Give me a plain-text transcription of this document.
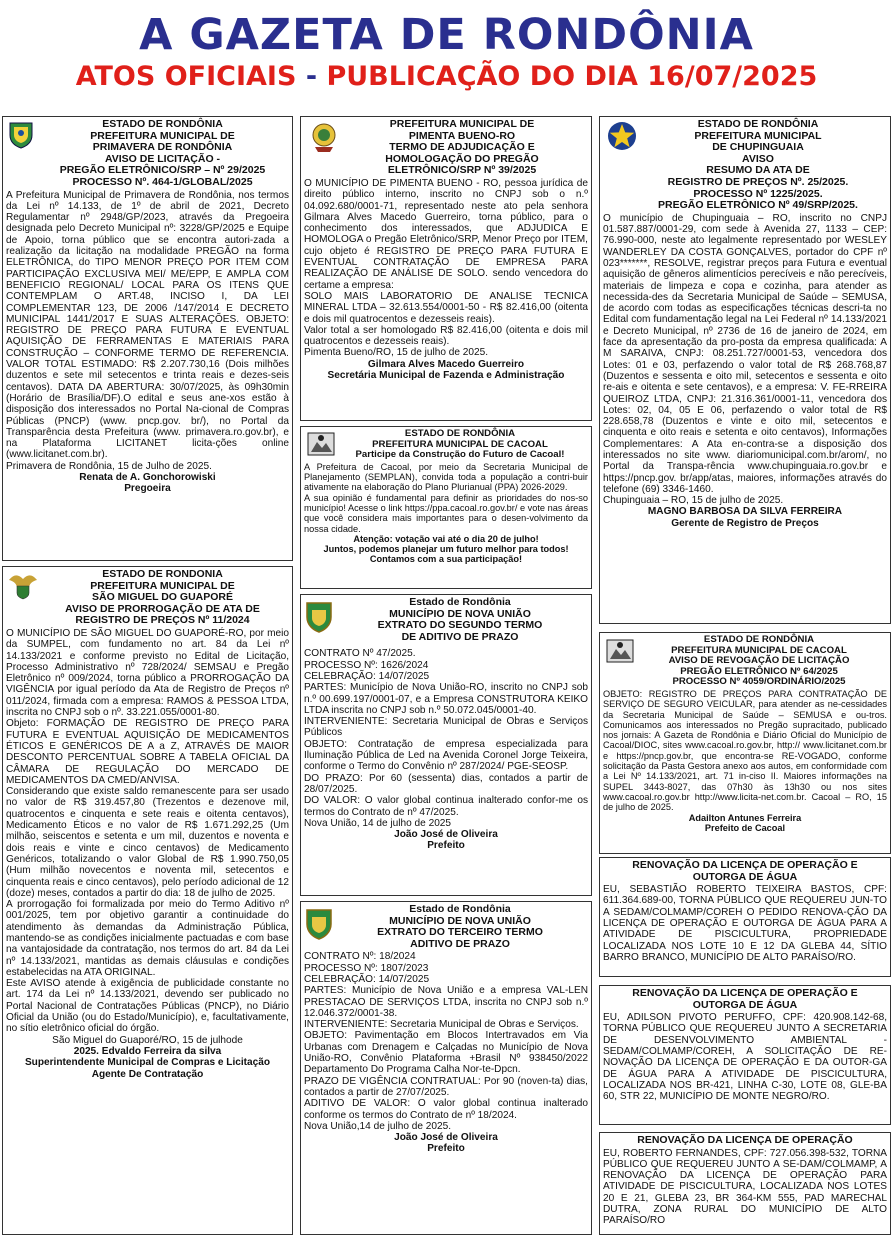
A GAZETA DE RONDÔNIA
ATOS OFICIAIS - PUBLICAÇÃO DO DIA 16/07/2025
ESTADO DE RONDÔNIA
PREFEITURA MUNICIPAL DE
PRIMAVERA DE RONDÔNIA
AVISO DE LICITAÇÃO -
PREGÃO ELETRÔNICO/SRP – Nº 29/2025
PROCESSO Nº. 464-1/GLOBAL/2025
A Prefeitura Municipal de Primavera de Rondônia, nos termos da Lei nº 14.133, de 1º de abril de 2021, Decreto Regulamentar nº 2948/GP/2023, através da Pregoeira designada pelo Decreto Municipal nº: 3228/GP/2025 e Equipe de Apoio, torna público que se encontra autori-zada a realização da licitação na modalidade PREGÃO na forma ELETRÔNICA, do TIPO MENOR PREÇO POR ITEM COM PARTICIPAÇÃO EXCLUSIVA MEI/ ME/EPP, E AMPLA COM BENEFICIO REGIONAL/ LOCAL PARA OS ITENS QUE CONTEMPLAM O ART.48, INCISO I, DA LEI COMPLEMENTAR 123, DE 2006 /147/2014 E DECRETO MUNICIPAL 1441/2017 E SUAS ALTERAÇÕES. OBJETO: REGISTRO DE PREÇO PARA FUTURA E EVENTUAL AQUISIÇÃO DE FERRAMENTAS E MATERIAIS PARA CONSTRUÇÃO – CONFORME TERMO DE REFERENCIA. VALOR TOTAL ESTIMADO: R$ 2.207.730,16 (Dois milhões duzentos e sete mil setecentos e trinta reais e dezes-seis centavos). DATA DA ABERTURA: 30/07/2025, às 09h30min (Horário de Brasília/DF).O edital e seus ane-xos estão à disposição dos interessados no Portal Na-cional de Compras Públicas (PNCP) (www. pncp.gov. br/), no Portal da Transparência desta Prefeitura (www. primavera.ro.gov.br), e na Plataforma LICITANET licita-ções online (www.licitanet.com.br).
Primavera de Rondônia, 15 de Julho de 2025.
Renata de A. Gonchorowiski
Pregoeira
ESTADO DE RONDONIA
PREFEITURA MUNICIPAL DE
SÃO MIGUEL DO GUAPORÉ
AVISO DE PRORROGAÇÃO DE ATA DE
REGISTRO DE PREÇOS Nº 11/2024
O MUNICÍPIO DE SÃO MIGUEL DO GUAPORÉ-RO, por meio da SUMPEL, com fundamento no art. 84 da Lei nº 14.133/2021 e conforme previsto no Edital de Licitação, Processo Administrativo nº 728/2024/ SEMSAU e Pregão Eletrônico nº 009/2024, torna público a PRORROGAÇÃO DA VIGÊNCIA por igual período da Ata de Registro de Preços nº 011/2024, firmada com a empresa: RAMOS & PESSOA LTDA, inscrita no CNPJ sob o nº. 33.221.055/0001-80.
Objeto: FORMAÇÃO DE REGISTRO DE PREÇO PARA FUTURA E EVENTUAL AQUISIÇÃO DE MEDICAMENTOS ÉTICOS E GENÉRICOS DE A a Z, ATRAVÉS DE MAIOR DESCONTO PERCENTUAL SOBRE A TABELA OFICIAL DA CÂMARA DE REGULAÇÃO DO MERCADO DE MEDICAMENTOS DA CMED/ANVISA.
Considerando que existe saldo remanescente para ser usado no valor de R$ 319.457,80 (Trezentos e dezenove mil, quatrocentos e cinquenta e sete reais e oitenta centavos), Medicamento Éticos e no valor de R$ 1.671.292,25 (Um milhão, seiscentos e setenta e um mil, duzentos e noventa e dois reais e vinte e cinco centavos) de Medicamento Genéricos, totalizando o valor Global de R$ 1.990.750,05 (Hum milhão novecentos e noventa mil, setecentos e cinquenta reais e cinco centavos), pelo período adicional de 12 (doze) meses, contados a partir do dia: 18 de julho de 2025.
A prorrogação foi formalizada por meio do Termo Aditivo nº 001/2025, tem por objetivo garantir a continuidade do atendimento às demandas da Administração Pública, mantendo-se as condições inicialmente pactuadas e com base na vantajosidade da contratação, nos termos do art. 84 da Lei nº 14.133/2021, mantidas as demais cláusulas e condições estabelecidas na ATA ORIGINAL.
Este AVISO atende à exigência de publicidade constante no art. 174 da Lei nº 14.133/2021, devendo ser publicado no Portal Nacional de Contratações Públicas (PNCP), no Diário Oficial da União (ou do Estado/Município), e, facultativamente, no sítio eletrônico oficial do órgão.
São Miguel do Guaporé/RO, 15 de julhode
2025. Edvaldo Ferreira da silva
Superintendente Municipal de Compras e Licitação
Agente De Contratação
PREFEITURA MUNICIPAL DE
PIMENTA BUENO-RO
TERMO DE ADJUDICAÇÃO E
HOMOLOGAÇÃO DO PREGÃO
ELETRÔNICO/SRP Nº 39/2025
O MUNICÍPIO DE PIMENTA BUENO - RO, pessoa jurídica de direito público interno, inscrito no CNPJ sob o n.º 04.092.680/0001-71, representado neste ato pela senhora Gilmara Alves Macedo Guerreiro, torna público, para o conhecimento dos interessados, que ADJUDICA E HOMOLOGA o Pregão Eletrônico/SRP, Menor Preço por ITEM, cujo objeto é REGISTRO DE PREÇO PARA FUTURA E EVENTUAL CONTRATAÇÃO DE EMPRESA PARA REALIZAÇÃO DE ANÁLISE DE SOLO. sendo vencedora do certame a empresa:
SOLO MAIS LABORATORIO DE ANALISE TECNICA MINERAL LTDA – 32.613.554/0001-50 - R$ 82.416,00 (oitenta e dois mil quatrocentos e dezesseis reais).
Valor total a ser homologado R$ 82.416,00 (oitenta e dois mil quatrocentos e dezesseis reais).
Pimenta Bueno/RO, 15 de julho de 2025.
Gilmara Alves Macedo Guerreiro
Secretária Municipal de Fazenda e Administração
ESTADO DE RONDÔNIA
PREFEITURA MUNICIPAL DE CACOAL
Participe da Construção do Futuro de Cacoal!
A Prefeitura de Cacoal, por meio da Secretaria Municipal de Planejamento (SEMPLAN), convida toda a população a contri-buir ativamente na elaboração do Plano Plurianual (PPA) 2026-2029.
A sua opinião é fundamental para definir as prioridades do nos-so município! Acesse o link https://ppa.cacoal.ro.gov.br/ e vote nas áreas que você considera mais importantes para o desen-volvimento da nossa cidade.
Atenção: votação vai até o dia 20 de julho!
Juntos, podemos planejar um futuro melhor para todos!
Contamos com a sua participação!
Estado de Rondônia
MUNICÍPIO DE NOVA UNIÃO
EXTRATO DO SEGUNDO TERMO
DE ADITIVO DE PRAZO
CONTRATO Nº 47/2025.
PROCESSO Nº: 1626/2024
CELEBRAÇÃO: 14/07/2025
PARTES: Município de Nova União-RO, inscrito no CNPJ sob n.º 00.699.197/0001-07, e a Empresa CONSTRUTORA KEIKO LTDA inscrita no CNPJ sob n.º 50.072.045/0001-40.
INTERVENIENTE: Secretaria Municipal de Obras e Serviços Públicos
OBJETO: Contratação de empresa especializada para Iluminação Pública de Led na Avenida Coronel Jorge Teixeira, conforme o Termo do Convênio nº 287/2024/ PGE-SEOSP.
DO PRAZO: Por 60 (sessenta) dias, contados a partir de 28/07/2025.
DO VALOR: O valor global continua inalterado confor-me os termos do Contrato de nº 47/2025.
Nova União, 14 de julho de 2025
João José de Oliveira
Prefeito
Estado de Rondônia
MUNICÍPIO DE NOVA UNIÃO
EXTRATO DO TERCEIRO TERMO
ADITIVO DE PRAZO
CONTRATO Nº: 18/2024
PROCESSO Nº: 1807/2023
CELEBRAÇÃO: 14/07/2025
PARTES: Município de Nova União e a empresa VAL-LEN PRESTACAO DE SERVIÇOS LTDA, inscrita no CNPJ sob n.º 12.046.372/0001-38.
INTERVENIENTE: Secretaria Municipal de Obras e Serviços.
OBJETO: Pavimentação em Blocos Intertravados em Via Urbanas com Drenagem e Calçadas no Município de Nova União-RO, Convênio Plataforma +Brasil Nº 938450/2022 Departamento Do Programa Calha Nor-te-Dpcn.
PRAZO DE VIGÊNCIA CONTRATUAL: Por 90 (noven-ta) dias, contados a partir de 27/07/2025.
ADITIVO DE VALOR: O valor global continua inalterado conforme os termos do Contrato de nº 18/2024.
Nova União,14 de julho de 2025.
João José de Oliveira
Prefeito
ESTADO DE RONDÔNIA
PREFEITURA MUNICIPAL
DE CHUPINGUAIA
AVISO
RESUMO DA ATA DE
REGISTRO DE PREÇOS Nº. 25/2025.
PROCESSO Nº 1225/2025.
PREGÃO ELETRÔNICO Nº 49/SRP/2025.
O município de Chupinguaia – RO, inscrito no CNPJ 01.587.887/0001-29, com sede à Avenida 27, 1133 – CEP: 76.990-000, neste ato legalmente representado por WESLEY WANDERLEY DA COSTA GONÇALVES, portador do CPF nº 023*******, RESOLVE, registrar preços para Futura e eventual aquisição de gêneros alimentícios perecíveis e não perecíveis, materiais de limpeza e copa e cozinha, para atender as necessida-des da Secretaria Municipal de Saúde – SEMUSA, de acordo com todas as especificações técnicas descri-ta no Edital com fundamentação legal na Lei Federal nº 14.133/2021 e Decreto Municipal, nº 2736 de 16 de janeiro de 2024, em face da apresentação da pro-posta da empresa qualificada: A M SARAIVA, CNPJ: 08.251.727/0001-53, vencedora dos Lotes: 01 e 03, perfazendo o valor total de R$ 268.768,87 (Duzentos e sessenta e oito mil, setecentos e sessenta e oito re-ais e oitenta e sete centavos), e a empresa: V. FE-RREIRA QUEIROZ LTDA, CNPJ: 21.316.361/0001-11, vencedora dos Lotes: 02, 04, 05 E 06, perfazendo o valor total de R$ 228.658,78 (Duzentos e vinte e oito mil, setecentos e cinquenta e oito reais e setenta e oito centavos), Informações Complementares: A Ata en-contra-se a disposição dos interessados no site www. diariomunicipal.com.br/arom/, no Portal da Transpa-rência www.chupinguaia.ro.gov.br e https://pncp.gov. br/app/atas, maiores, informações através do telefone (69) 3346-1460.
Chupinguaia – RO, 15 de julho de 2025.
MAGNO BARBOSA DA SILVA FERREIRA
Gerente de Registro de Preços
ESTADO DE RONDÔNIA
PREFEITURA MUNICIPAL DE CACOAL
AVISO DE REVOGAÇÃO DE LICITAÇÃO
PREGÃO ELETRÔNICO Nº 64/2025
PROCESSO Nº 4059/ORDINÁRIO/2025
OBJETO: REGISTRO DE PREÇOS PARA CONTRATAÇÃO DE SERVIÇO DE SEGURO VEICULAR, para atender as ne-cessidades da Secretaria Municipal de Saúde – SEMUSA e ou-tros. Comunicamos aos interessados no Pregão supracitado, publicado nos jornais: A Gazeta de Rondônia e Diário Oficial do Município de Cacoal/DIOC, sites www.cacoal.ro.gov.br, http:// www.licitanet.com.br e https://pncp.gov.br, que encontra-se RE-VOGADO, conforme solicitação da Pasta Gestora anexo aos autos, em conformidade com a Lei Nº 14.133/2021, art. 71 in-ciso II. Maiores informações na SUPEL 3443-8027, das 07h30 às 13h30 ou nos sites www.cacoal.ro.gov.br http://www.licita-net.com.br. Cacoal – RO, 15 de julho de 2025.
Adailton Antunes Ferreira
Prefeito de Cacoal
RENOVAÇÃO DA LICENÇA DE OPERAÇÃO E
OUTORGA DE ÁGUA
EU, SEBASTIÃO ROBERTO TEIXEIRA BASTOS, CPF: 611.364.689-00, TORNA PÚBLICO QUE REQUEREU JUN-TO A SEDAM/COLMAMP/COREH O PEDIDO RENOVA-ÇÃO DA LICENÇA DE OPERAÇÃO E OUTORGA DE ÁGUA PARA A ATIVIDADE DE PISCICULTURA, PROPRIEDADE LOCALIZADA NOS LOTE 10 E 12 DA GLEBA 44, SÍTIO BARRO BRANCO, MUNICÍPIO DE ALTO PARAÍSO/RO.
RENOVAÇÃO DA LICENÇA DE OPERAÇÃO E
OUTORGA DE ÁGUA
EU, ADILSON PIVOTO PERUFFO, CPF: 420.908.142-68, TORNA PÚBLICO QUE REQUEREU JUNTO A SECRETARIA DE DESENVOLVIMENTO AMBIENTAL - SEDAM/COLMAMP/COREH, A SOLICITAÇÃO DE RE-NOVAÇÃO DA LICENÇA DE OPERAÇÃO E DA OUTOR-GA DE ÁGUA PARA A ATIVIDADE DE PISCICULTURA, LOCALIZADA NOS BR-421, LINHA C-30, LOTE 08, GLE-BA 60, STR 22, MUNICÍPIO DE MONTE NEGRO/RO.
RENOVAÇÃO DA LICENÇA DE OPERAÇÃO
EU, ROBERTO FERNANDES, CPF: 727.056.398-532, TORNA PÚBLICO QUE REQUEREU JUNTO A SE-DAM/COLMAMP, A RENOVAÇÃO DA LICENÇA DE OPERAÇÃO PARA ATIVIDADE DE PISCICULTURA, LOCALIZADA NOS LOTES 20 E 21, GLEBA 23, BR 364-KM 555, PAD MARECHAL DUTRA, ZONA RURAL DO MUNICÍPIO DE ALTO PARAÍSO/RO
